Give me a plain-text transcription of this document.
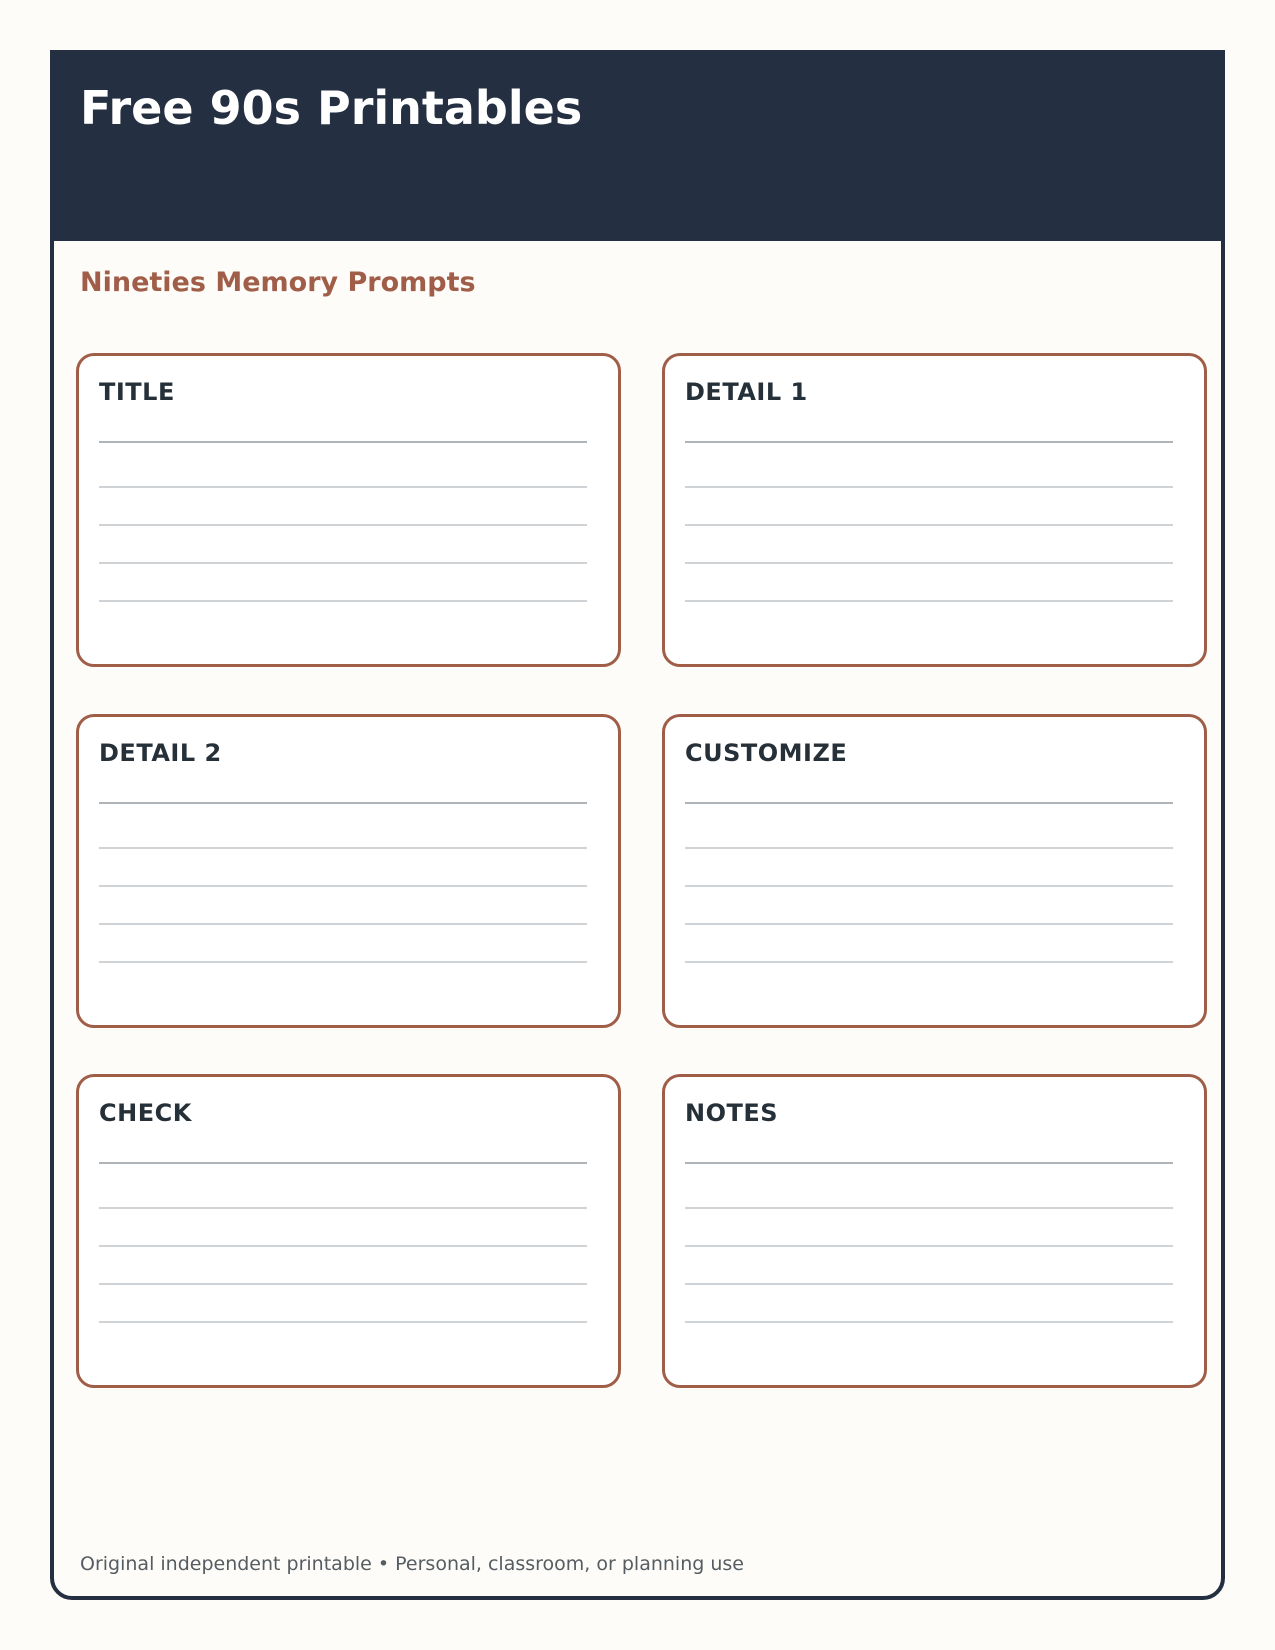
Free 90s Printables
Nineties Memory Prompts
TITLE	DETAIL 1
DETAIL 2	CUSTOMIZE
CHECK	NOTES

Original independent printable • Personal, classroom, or planning use
